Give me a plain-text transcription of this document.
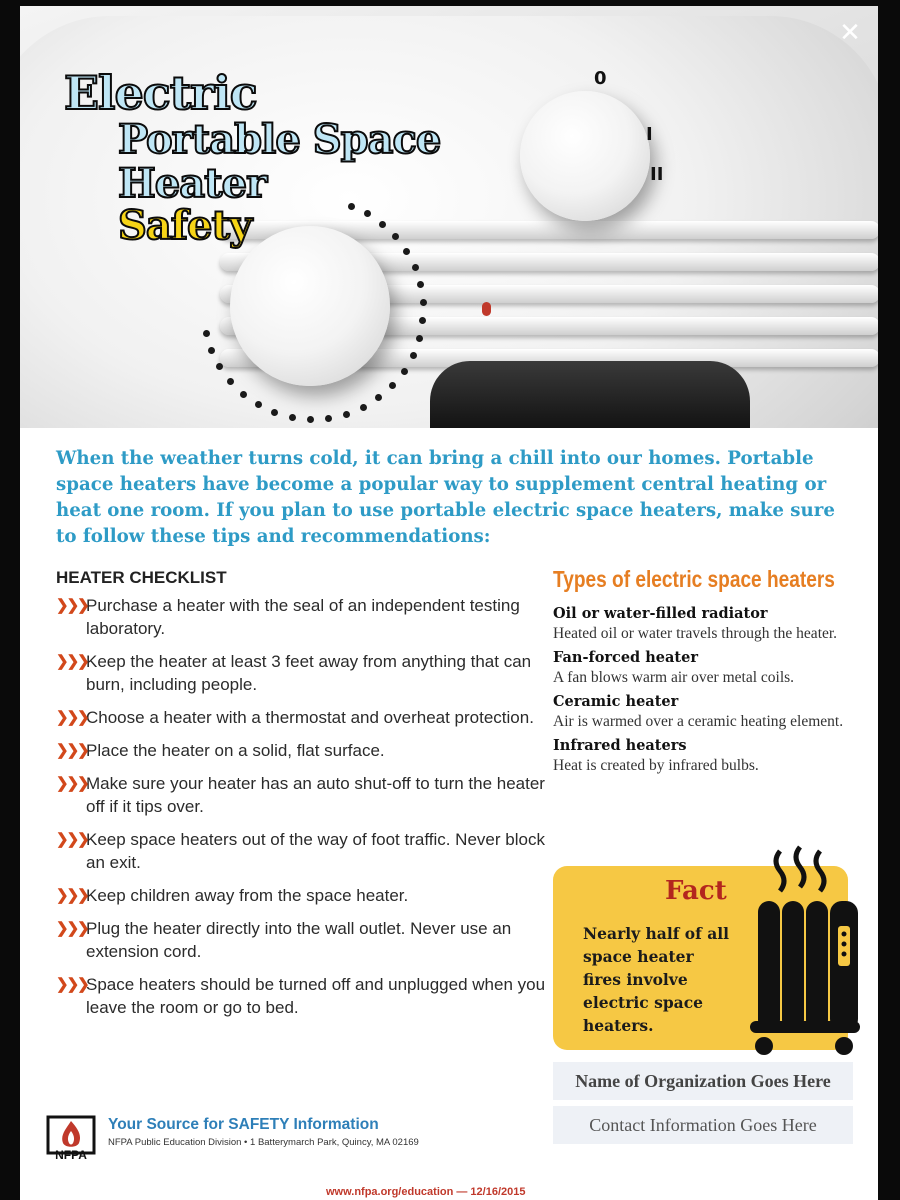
0
I
II
Electric
Portable Space
Heater
Safety
When the weather turns cold, it can bring a chill into our homes. Portable space heaters have become a popular way to supplement central heating or heat one room. If you plan to use portable electric space heaters, make sure to follow these tips and recommendations:
HEATER CHECKLIST
❯❯❯
Purchase a heater with the seal of an independent testing laboratory.
❯❯❯
Keep the heater at least 3 feet away from anything that can burn, including people.
❯❯❯
Choose a heater with a thermostat and overheat protection.
❯❯❯
Place the heater on a solid, flat surface.
❯❯❯
Make sure your heater has an auto shut-off to turn the heater off if it tips over.
❯❯❯
Keep space heaters out of the way of foot traffic. Never block an exit.
❯❯❯
Keep children away from the space heater.
❯❯❯
Plug the heater directly into the wall outlet. Never use an extension cord.
❯❯❯
Space heaters should be turned off and unplugged when you leave the room or go to bed.
Types of electric space heaters
Oil or water-filled radiator
Heated oil or water travels through the heater.
Fan-forced heater
A fan blows warm air over metal coils.
Ceramic heater
Air is warmed over a ceramic heating element.
Infrared heaters
Heat is created by infrared bulbs.
Fact
Nearly half of all space heater fires involve electric space heaters.
Name of Organization Goes Here
Contact Information Goes Here
NFPA
Your Source for SAFETY Information
NFPA Public Education Division • 1 Batterymarch Park, Quincy, MA 02169
www.nfpa.org/education — 12/16/2015
✕
↶	⇄ 1	♥	•••
